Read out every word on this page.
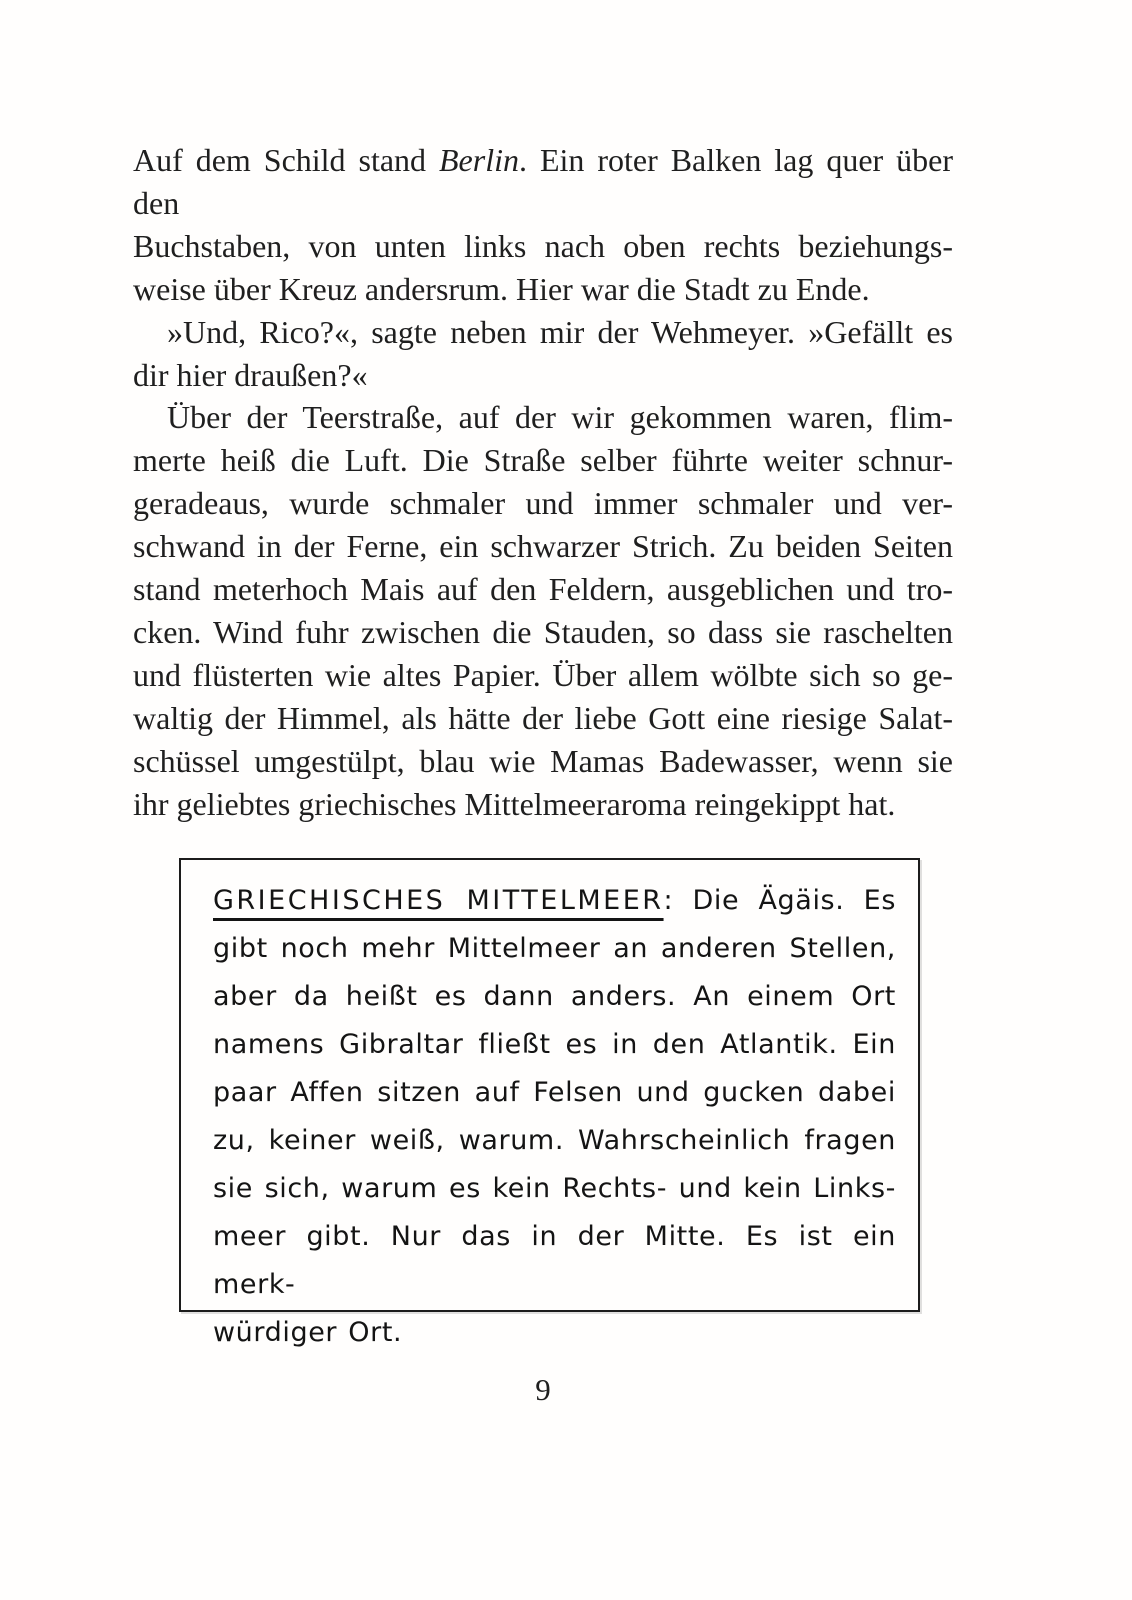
Auf dem Schild stand Berlin. Ein roter Balken lag quer über den
Buchstaben, von unten links nach oben rechts beziehungs-
weise über Kreuz andersrum. Hier war die Stadt zu Ende.
»Und, Rico?«, sagte neben mir der Wehmeyer. »Gefällt es
dir hier draußen?«
Über der Teerstraße, auf der wir gekommen waren, flim-
merte heiß die Luft. Die Straße selber führte weiter schnur-
geradeaus, wurde schmaler und immer schmaler und ver-
schwand in der Ferne, ein schwarzer Strich. Zu beiden Seiten
stand meterhoch Mais auf den Feldern, ausgeblichen und tro-
cken. Wind fuhr zwischen die Stauden, so dass sie raschelten
und flüsterten wie altes Papier. Über allem wölbte sich so ge-
waltig der Himmel, als hätte der liebe Gott eine riesige Salat-
schüssel umgestülpt, blau wie Mamas Badewasser, wenn sie
ihr geliebtes griechisches Mittelmeeraroma reingekippt hat.
GRIECHISCHES MITTELMEER: Die Ägäis. Es
gibt noch mehr Mittelmeer an anderen Stellen,
aber da heißt es dann anders. An einem Ort
namens Gibraltar fließt es in den Atlantik. Ein
paar Affen sitzen auf Felsen und gucken dabei
zu, keiner weiß, warum. Wahrscheinlich fragen
sie sich, warum es kein Rechts- und kein Links-
meer gibt. Nur das in der Mitte. Es ist ein merk-
würdiger Ort.
9
